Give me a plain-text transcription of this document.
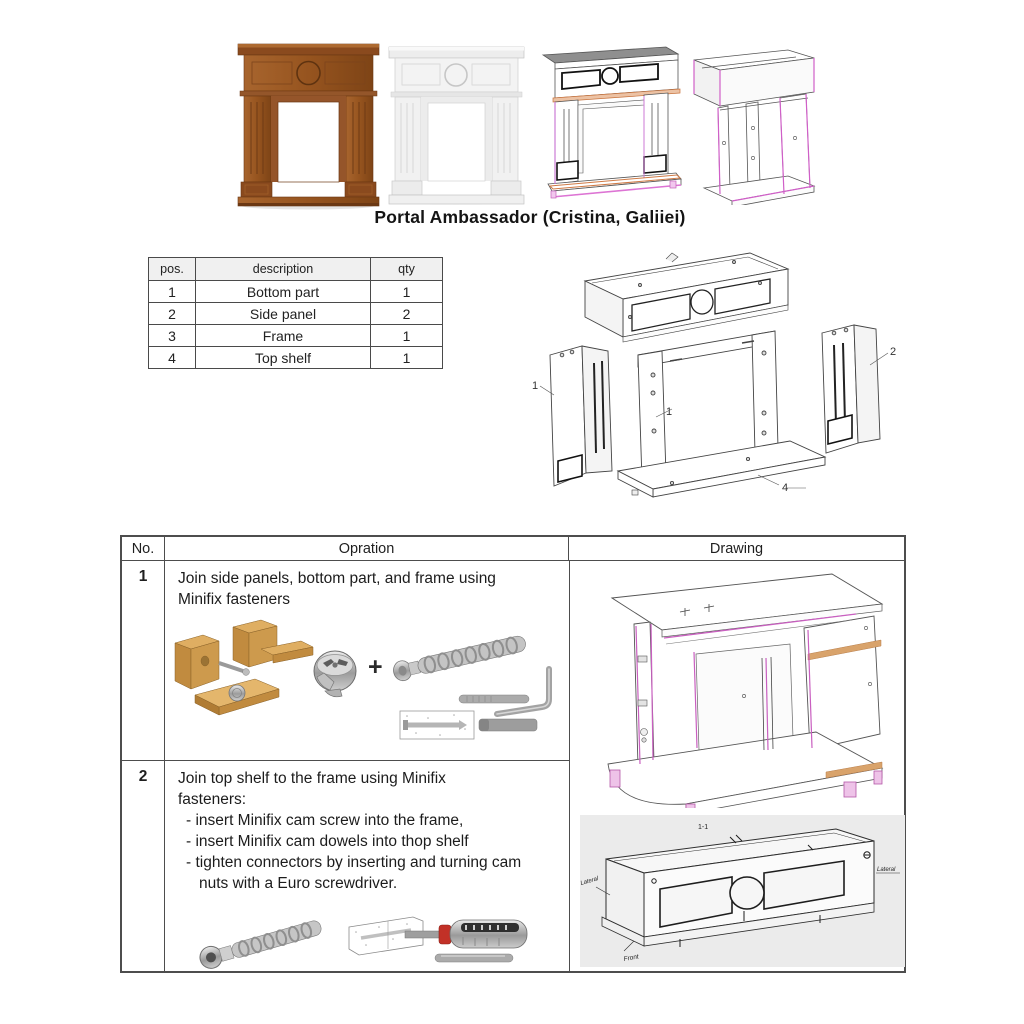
Portal Ambassador (Cristina, Galiiei)
pos.	description	qty
1	Bottom part	1
2	Side panel	2
3	Frame	1
4	Top shelf	1
1
2
1
4
No.	Opration	Drawing
1	Join side panels, bottom part, and frame using
Minifix fasteners
+
2	Join top shelf to the frame using Minifix
fasteners:
- insert Minifix cam screw into the frame,
- insert Minifix cam dowels into thop shelf
- tighten connectors by inserting and turning cam
nuts with a Euro screwdriver.
1-1
Lateral
Lateral
Front
